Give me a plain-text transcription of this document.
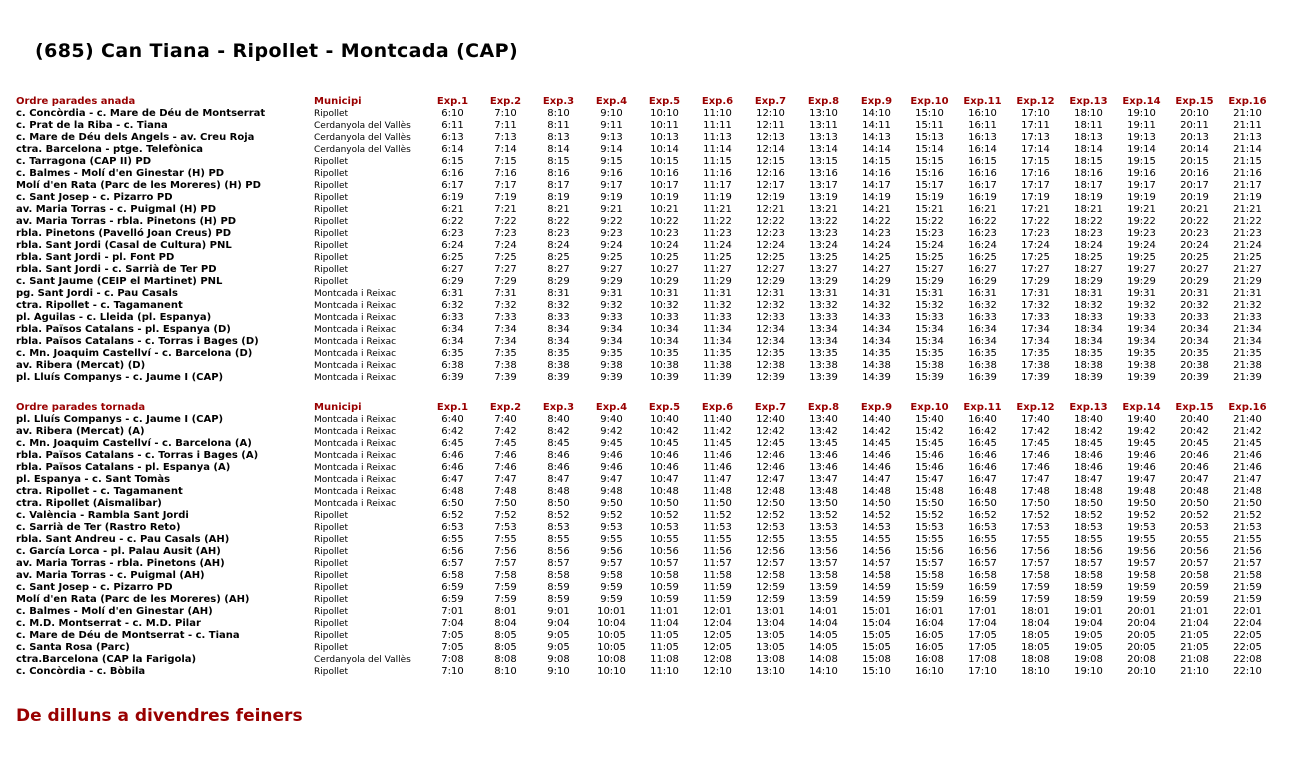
(685) Can Tiana - Ripollet - Montcada (CAP)
Ordre parades anada	Municipi	Exp.1	Exp.2	Exp.3	Exp.4	Exp.5	Exp.6	Exp.7	Exp.8	Exp.9	Exp.10	Exp.11	Exp.12	Exp.13	Exp.14	Exp.15	Exp.16
c. Concòrdia - c. Mare de Déu de Montserrat	Ripollet	6:10	7:10	8:10	9:10	10:10	11:10	12:10	13:10	14:10	15:10	16:10	17:10	18:10	19:10	20:10	21:10
c. Prat de la Riba - c. Tiana	Cerdanyola del Vallès	6:11	7:11	8:11	9:11	10:11	11:11	12:11	13:11	14:11	15:11	16:11	17:11	18:11	19:11	20:11	21:11
c. Mare de Déu dels Àngels - av. Creu Roja	Cerdanyola del Vallès	6:13	7:13	8:13	9:13	10:13	11:13	12:13	13:13	14:13	15:13	16:13	17:13	18:13	19:13	20:13	21:13
ctra. Barcelona - ptge. Telefònica	Cerdanyola del Vallès	6:14	7:14	8:14	9:14	10:14	11:14	12:14	13:14	14:14	15:14	16:14	17:14	18:14	19:14	20:14	21:14
c. Tarragona (CAP II) PD	Ripollet	6:15	7:15	8:15	9:15	10:15	11:15	12:15	13:15	14:15	15:15	16:15	17:15	18:15	19:15	20:15	21:15
c. Balmes - Molí d'en Ginestar (H) PD	Ripollet	6:16	7:16	8:16	9:16	10:16	11:16	12:16	13:16	14:16	15:16	16:16	17:16	18:16	19:16	20:16	21:16
Molí d'en Rata (Parc de les Moreres) (H) PD	Ripollet	6:17	7:17	8:17	9:17	10:17	11:17	12:17	13:17	14:17	15:17	16:17	17:17	18:17	19:17	20:17	21:17
c. Sant Josep - c. Pizarro PD	Ripollet	6:19	7:19	8:19	9:19	10:19	11:19	12:19	13:19	14:19	15:19	16:19	17:19	18:19	19:19	20:19	21:19
av. Maria Torras - c. Puigmal (H) PD	Ripollet	6:21	7:21	8:21	9:21	10:21	11:21	12:21	13:21	14:21	15:21	16:21	17:21	18:21	19:21	20:21	21:21
av. Maria Torras - rbla. Pinetons (H) PD	Ripollet	6:22	7:22	8:22	9:22	10:22	11:22	12:22	13:22	14:22	15:22	16:22	17:22	18:22	19:22	20:22	21:22
rbla. Pinetons (Pavelló Joan Creus) PD	Ripollet	6:23	7:23	8:23	9:23	10:23	11:23	12:23	13:23	14:23	15:23	16:23	17:23	18:23	19:23	20:23	21:23
rbla. Sant Jordi (Casal de Cultura) PNL	Ripollet	6:24	7:24	8:24	9:24	10:24	11:24	12:24	13:24	14:24	15:24	16:24	17:24	18:24	19:24	20:24	21:24
rbla. Sant Jordi - pl. Font PD	Ripollet	6:25	7:25	8:25	9:25	10:25	11:25	12:25	13:25	14:25	15:25	16:25	17:25	18:25	19:25	20:25	21:25
rbla. Sant Jordi - c. Sarrià de Ter PD	Ripollet	6:27	7:27	8:27	9:27	10:27	11:27	12:27	13:27	14:27	15:27	16:27	17:27	18:27	19:27	20:27	21:27
c. Sant Jaume (CEIP el Martinet) PNL	Ripollet	6:29	7:29	8:29	9:29	10:29	11:29	12:29	13:29	14:29	15:29	16:29	17:29	18:29	19:29	20:29	21:29
pg. Sant Jordi - c. Pau Casals	Montcada i Reixac	6:31	7:31	8:31	9:31	10:31	11:31	12:31	13:31	14:31	15:31	16:31	17:31	18:31	19:31	20:31	21:31
ctra. Ripollet - c. Tagamanent	Montcada i Reixac	6:32	7:32	8:32	9:32	10:32	11:32	12:32	13:32	14:32	15:32	16:32	17:32	18:32	19:32	20:32	21:32
pl. Águilas - c. Lleida (pl. Espanya)	Montcada i Reixac	6:33	7:33	8:33	9:33	10:33	11:33	12:33	13:33	14:33	15:33	16:33	17:33	18:33	19:33	20:33	21:33
rbla. Països Catalans - pl. Espanya (D)	Montcada i Reixac	6:34	7:34	8:34	9:34	10:34	11:34	12:34	13:34	14:34	15:34	16:34	17:34	18:34	19:34	20:34	21:34
rbla. Països Catalans - c. Torras i Bages (D)	Montcada i Reixac	6:34	7:34	8:34	9:34	10:34	11:34	12:34	13:34	14:34	15:34	16:34	17:34	18:34	19:34	20:34	21:34
c. Mn. Joaquim Castellví - c. Barcelona (D)	Montcada i Reixac	6:35	7:35	8:35	9:35	10:35	11:35	12:35	13:35	14:35	15:35	16:35	17:35	18:35	19:35	20:35	21:35
av. Ribera (Mercat) (D)	Montcada i Reixac	6:38	7:38	8:38	9:38	10:38	11:38	12:38	13:38	14:38	15:38	16:38	17:38	18:38	19:38	20:38	21:38
pl. Lluís Companys - c. Jaume I (CAP)	Montcada i Reixac	6:39	7:39	8:39	9:39	10:39	11:39	12:39	13:39	14:39	15:39	16:39	17:39	18:39	19:39	20:39	21:39
Ordre parades tornada	Municipi	Exp.1	Exp.2	Exp.3	Exp.4	Exp.5	Exp.6	Exp.7	Exp.8	Exp.9	Exp.10	Exp.11	Exp.12	Exp.13	Exp.14	Exp.15	Exp.16
pl. Lluís Companys - c. Jaume I (CAP)	Montcada i Reixac	6:40	7:40	8:40	9:40	10:40	11:40	12:40	13:40	14:40	15:40	16:40	17:40	18:40	19:40	20:40	21:40
av. Ribera (Mercat) (A)	Montcada i Reixac	6:42	7:42	8:42	9:42	10:42	11:42	12:42	13:42	14:42	15:42	16:42	17:42	18:42	19:42	20:42	21:42
c. Mn. Joaquim Castellví - c. Barcelona (A)	Montcada i Reixac	6:45	7:45	8:45	9:45	10:45	11:45	12:45	13:45	14:45	15:45	16:45	17:45	18:45	19:45	20:45	21:45
rbla. Països Catalans - c. Torras i Bages (A)	Montcada i Reixac	6:46	7:46	8:46	9:46	10:46	11:46	12:46	13:46	14:46	15:46	16:46	17:46	18:46	19:46	20:46	21:46
rbla. Països Catalans - pl. Espanya (A)	Montcada i Reixac	6:46	7:46	8:46	9:46	10:46	11:46	12:46	13:46	14:46	15:46	16:46	17:46	18:46	19:46	20:46	21:46
pl. Espanya - c. Sant Tomàs	Montcada i Reixac	6:47	7:47	8:47	9:47	10:47	11:47	12:47	13:47	14:47	15:47	16:47	17:47	18:47	19:47	20:47	21:47
ctra. Ripollet - c. Tagamanent	Montcada i Reixac	6:48	7:48	8:48	9:48	10:48	11:48	12:48	13:48	14:48	15:48	16:48	17:48	18:48	19:48	20:48	21:48
ctra. Ripollet (Aismalibar)	Montcada i Reixac	6:50	7:50	8:50	9:50	10:50	11:50	12:50	13:50	14:50	15:50	16:50	17:50	18:50	19:50	20:50	21:50
c. València - Rambla Sant Jordi	Ripollet	6:52	7:52	8:52	9:52	10:52	11:52	12:52	13:52	14:52	15:52	16:52	17:52	18:52	19:52	20:52	21:52
c. Sarrià de Ter (Rastro Reto)	Ripollet	6:53	7:53	8:53	9:53	10:53	11:53	12:53	13:53	14:53	15:53	16:53	17:53	18:53	19:53	20:53	21:53
rbla. Sant Andreu - c. Pau Casals (AH)	Ripollet	6:55	7:55	8:55	9:55	10:55	11:55	12:55	13:55	14:55	15:55	16:55	17:55	18:55	19:55	20:55	21:55
c. García Lorca - pl. Palau Ausit (AH)	Ripollet	6:56	7:56	8:56	9:56	10:56	11:56	12:56	13:56	14:56	15:56	16:56	17:56	18:56	19:56	20:56	21:56
av. Maria Torras - rbla. Pinetons (AH)	Ripollet	6:57	7:57	8:57	9:57	10:57	11:57	12:57	13:57	14:57	15:57	16:57	17:57	18:57	19:57	20:57	21:57
av. Maria Torras - c. Puigmal (AH)	Ripollet	6:58	7:58	8:58	9:58	10:58	11:58	12:58	13:58	14:58	15:58	16:58	17:58	18:58	19:58	20:58	21:58
c. Sant Josep - c. Pizarro PD	Ripollet	6:59	7:59	8:59	9:59	10:59	11:59	12:59	13:59	14:59	15:59	16:59	17:59	18:59	19:59	20:59	21:59
Molí d'en Rata (Parc de les Moreres) (AH)	Ripollet	6:59	7:59	8:59	9:59	10:59	11:59	12:59	13:59	14:59	15:59	16:59	17:59	18:59	19:59	20:59	21:59
c. Balmes - Molí d'en Ginestar (AH)	Ripollet	7:01	8:01	9:01	10:01	11:01	12:01	13:01	14:01	15:01	16:01	17:01	18:01	19:01	20:01	21:01	22:01
c. M.D. Montserrat - c. M.D. Pilar	Ripollet	7:04	8:04	9:04	10:04	11:04	12:04	13:04	14:04	15:04	16:04	17:04	18:04	19:04	20:04	21:04	22:04
c. Mare de Déu de Montserrat - c. Tiana	Ripollet	7:05	8:05	9:05	10:05	11:05	12:05	13:05	14:05	15:05	16:05	17:05	18:05	19:05	20:05	21:05	22:05
c. Santa Rosa (Parc)	Ripollet	7:05	8:05	9:05	10:05	11:05	12:05	13:05	14:05	15:05	16:05	17:05	18:05	19:05	20:05	21:05	22:05
ctra.Barcelona (CAP la Farigola)	Cerdanyola del Vallès	7:08	8:08	9:08	10:08	11:08	12:08	13:08	14:08	15:08	16:08	17:08	18:08	19:08	20:08	21:08	22:08
c. Concòrdia - c. Bòbila	Ripollet	7:10	8:10	9:10	10:10	11:10	12:10	13:10	14:10	15:10	16:10	17:10	18:10	19:10	20:10	21:10	22:10
De dilluns a divendres feiners
